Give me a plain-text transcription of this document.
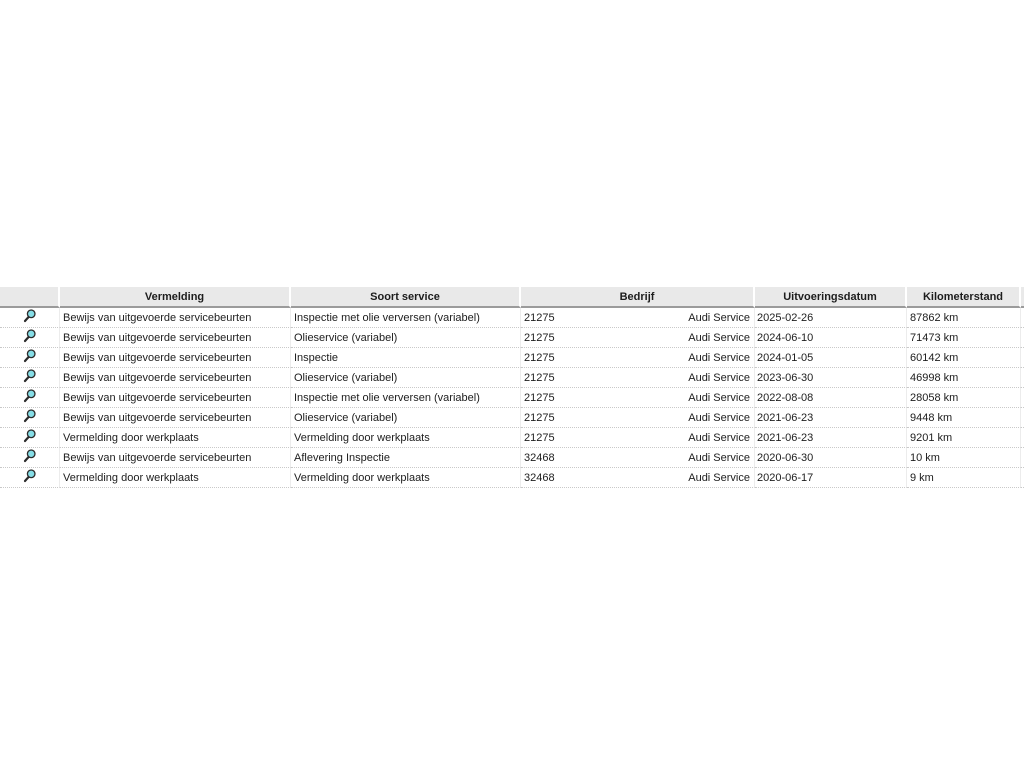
	Vermelding	Soort service	Bedrijf	Uitvoeringsdatum	Kilometerstand	
	Bewijs van uitgevoerde servicebeurten	Inspectie met olie verversen (variabel)	21275 Audi Service	2025-02-26	87862 km	
	Bewijs van uitgevoerde servicebeurten	Olieservice (variabel)	21275 Audi Service	2024-06-10	71473 km	
	Bewijs van uitgevoerde servicebeurten	Inspectie	21275 Audi Service	2024-01-05	60142 km	
	Bewijs van uitgevoerde servicebeurten	Olieservice (variabel)	21275 Audi Service	2023-06-30	46998 km	
	Bewijs van uitgevoerde servicebeurten	Inspectie met olie verversen (variabel)	21275 Audi Service	2022-08-08	28058 km	
	Bewijs van uitgevoerde servicebeurten	Olieservice (variabel)	21275 Audi Service	2021-06-23	9448 km	
	Vermelding door werkplaats	Vermelding door werkplaats	21275 Audi Service	2021-06-23	9201 km	
	Bewijs van uitgevoerde servicebeurten	Aflevering Inspectie	32468 Audi Service	2020-06-30	10 km	
	Vermelding door werkplaats	Vermelding door werkplaats	32468 Audi Service	2020-06-17	9 km	
